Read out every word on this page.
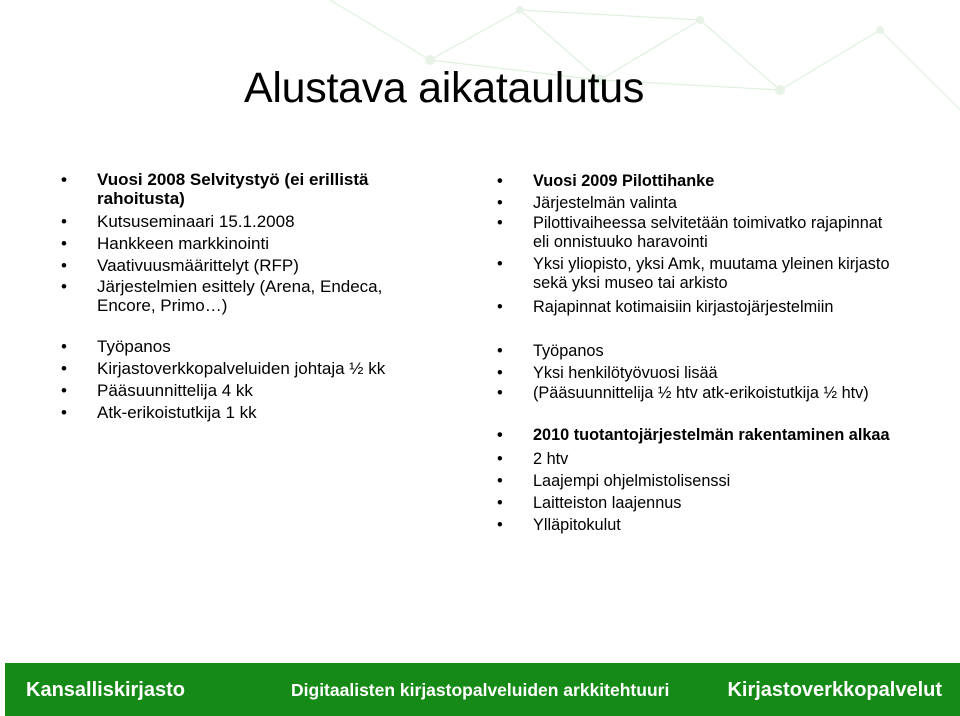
Alustava aikataulutus
• Vuosi 2008 Selvitystyö (ei erillistä rahoitusta)
• Kutsuseminaari 15.1.2008
• Hankkeen markkinointi
• Vaativuusmäärittelyt (RFP)
• Järjestelmien esittely (Arena, Endeca, Encore, Primo…)
• Työpanos
• Kirjastoverkkopalveluiden johtaja ½ kk
• Pääsuunnittelija 4 kk
• Atk-erikoistutkija 1 kk
• Vuosi 2009 Pilottihanke
• Järjestelmän valinta
• Pilottivaiheessa selvitetään toimivatko rajapinnat eli onnistuuko haravointi
• Yksi yliopisto, yksi Amk, muutama yleinen kirjasto sekä yksi museo tai arkisto
• Rajapinnat kotimaisiin kirjastojärjestelmiin
• Työpanos
• Yksi henkilötyövuosi lisää
• (Pääsuunnittelija ½ htv atk-erikoistutkija ½ htv)
• 2010 tuotantojärjestelmän rakentaminen alkaa
• 2 htv
• Laajempi ohjelmistolisenssi
• Laitteiston laajennus
• Ylläpitokulut
Kansalliskirjasto	Digitaalisten kirjastopalveluiden arkkitehtuuri	Kirjastoverkkopalvelut
